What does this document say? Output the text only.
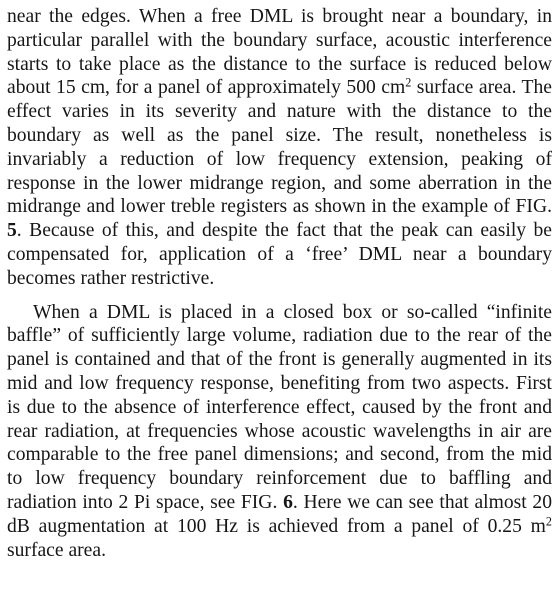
near the edges. When a free DML is brought near a boundary, in particular parallel with the boundary surface, acoustic interference starts to take place as the distance to the surface is reduced below about 15 cm, for a panel of approximately 500 $cm^2$ surface area. The effect varies in its severity and nature with the distance to the boundary as well as the panel size. The result, nonetheless is invariably a reduction of low frequency extension, peaking of response in the lower midrange region, and some aberration in the midrange and lower treble registers as shown in the example of FIG. 5. Because of this, and despite the fact that the peak can easily be compensated for, application of a ‘free’ DML near a boundary becomes rather restrictive.

When a DML is placed in a closed box or so-called “infinite baffle” of sufficiently large volume, radiation due to the rear of the panel is contained and that of the front is generally augmented in its mid and low frequency response, benefiting from two aspects. First is due to the absence of interference effect, caused by the front and rear radiation, at frequencies whose acoustic wavelengths in air are comparable to the free panel dimensions; and second, from the mid to low frequency boundary reinforcement due to baffling and radiation into 2 Pi space, see FIG. 6. Here we can see that almost 20 dB augmentation at 100 Hz is achieved from a panel of 0.25 $m^2$ surface area.
